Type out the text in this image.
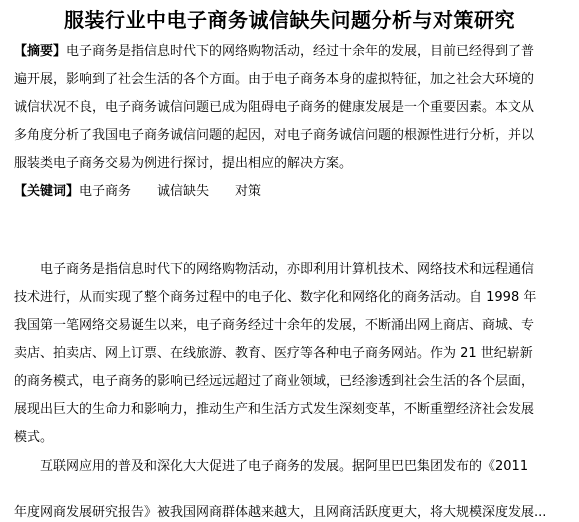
服装行业中电子商务诚信缺失问题分析与对策研究
【摘要】电子商务是指信息时代下的网络购物活动，经过十余年的发展，目前已经得到了普
遍开展，影响到了社会生活的各个方面。由于电子商务本身的虚拟特征，加之社会大环境的
诚信状况不良，电子商务诚信问题已成为阻碍电子商务的健康发展是一个重要因素。本文从
多角度分析了我国电子商务诚信问题的起因，对电子商务诚信问题的根源性进行分析，并以
服装类电子商务交易为例进行探讨，提出相应的解决方案。
【关键词】电子商务 诚信缺失 对策
电子商务是指信息时代下的网络购物活动，亦即利用计算机技术、网络技术和远程通信
技术进行，从而实现了整个商务过程中的电子化、数字化和网络化的商务活动。自 1998 年
我国第一笔网络交易诞生以来，电子商务经过十余年的发展，不断涌出网上商店、商城、专
卖店、拍卖店、网上订票、在线旅游、教育、医疗等各种电子商务网站。作为 21 世纪崭新
的商务模式，电子商务的影响已经远远超过了商业领域，已经渗透到社会生活的各个层面，
展现出巨大的生命力和影响力，推动生产和生活方式发生深刻变革，不断重塑经济社会发展
模式。
互联网应用的普及和深化大大促进了电子商务的发展。据阿里巴巴集团发布的《2011
年度网商发展研究报告》被我国网商群体越来越大，且网商活跃度更大，将大规模深度发展...
